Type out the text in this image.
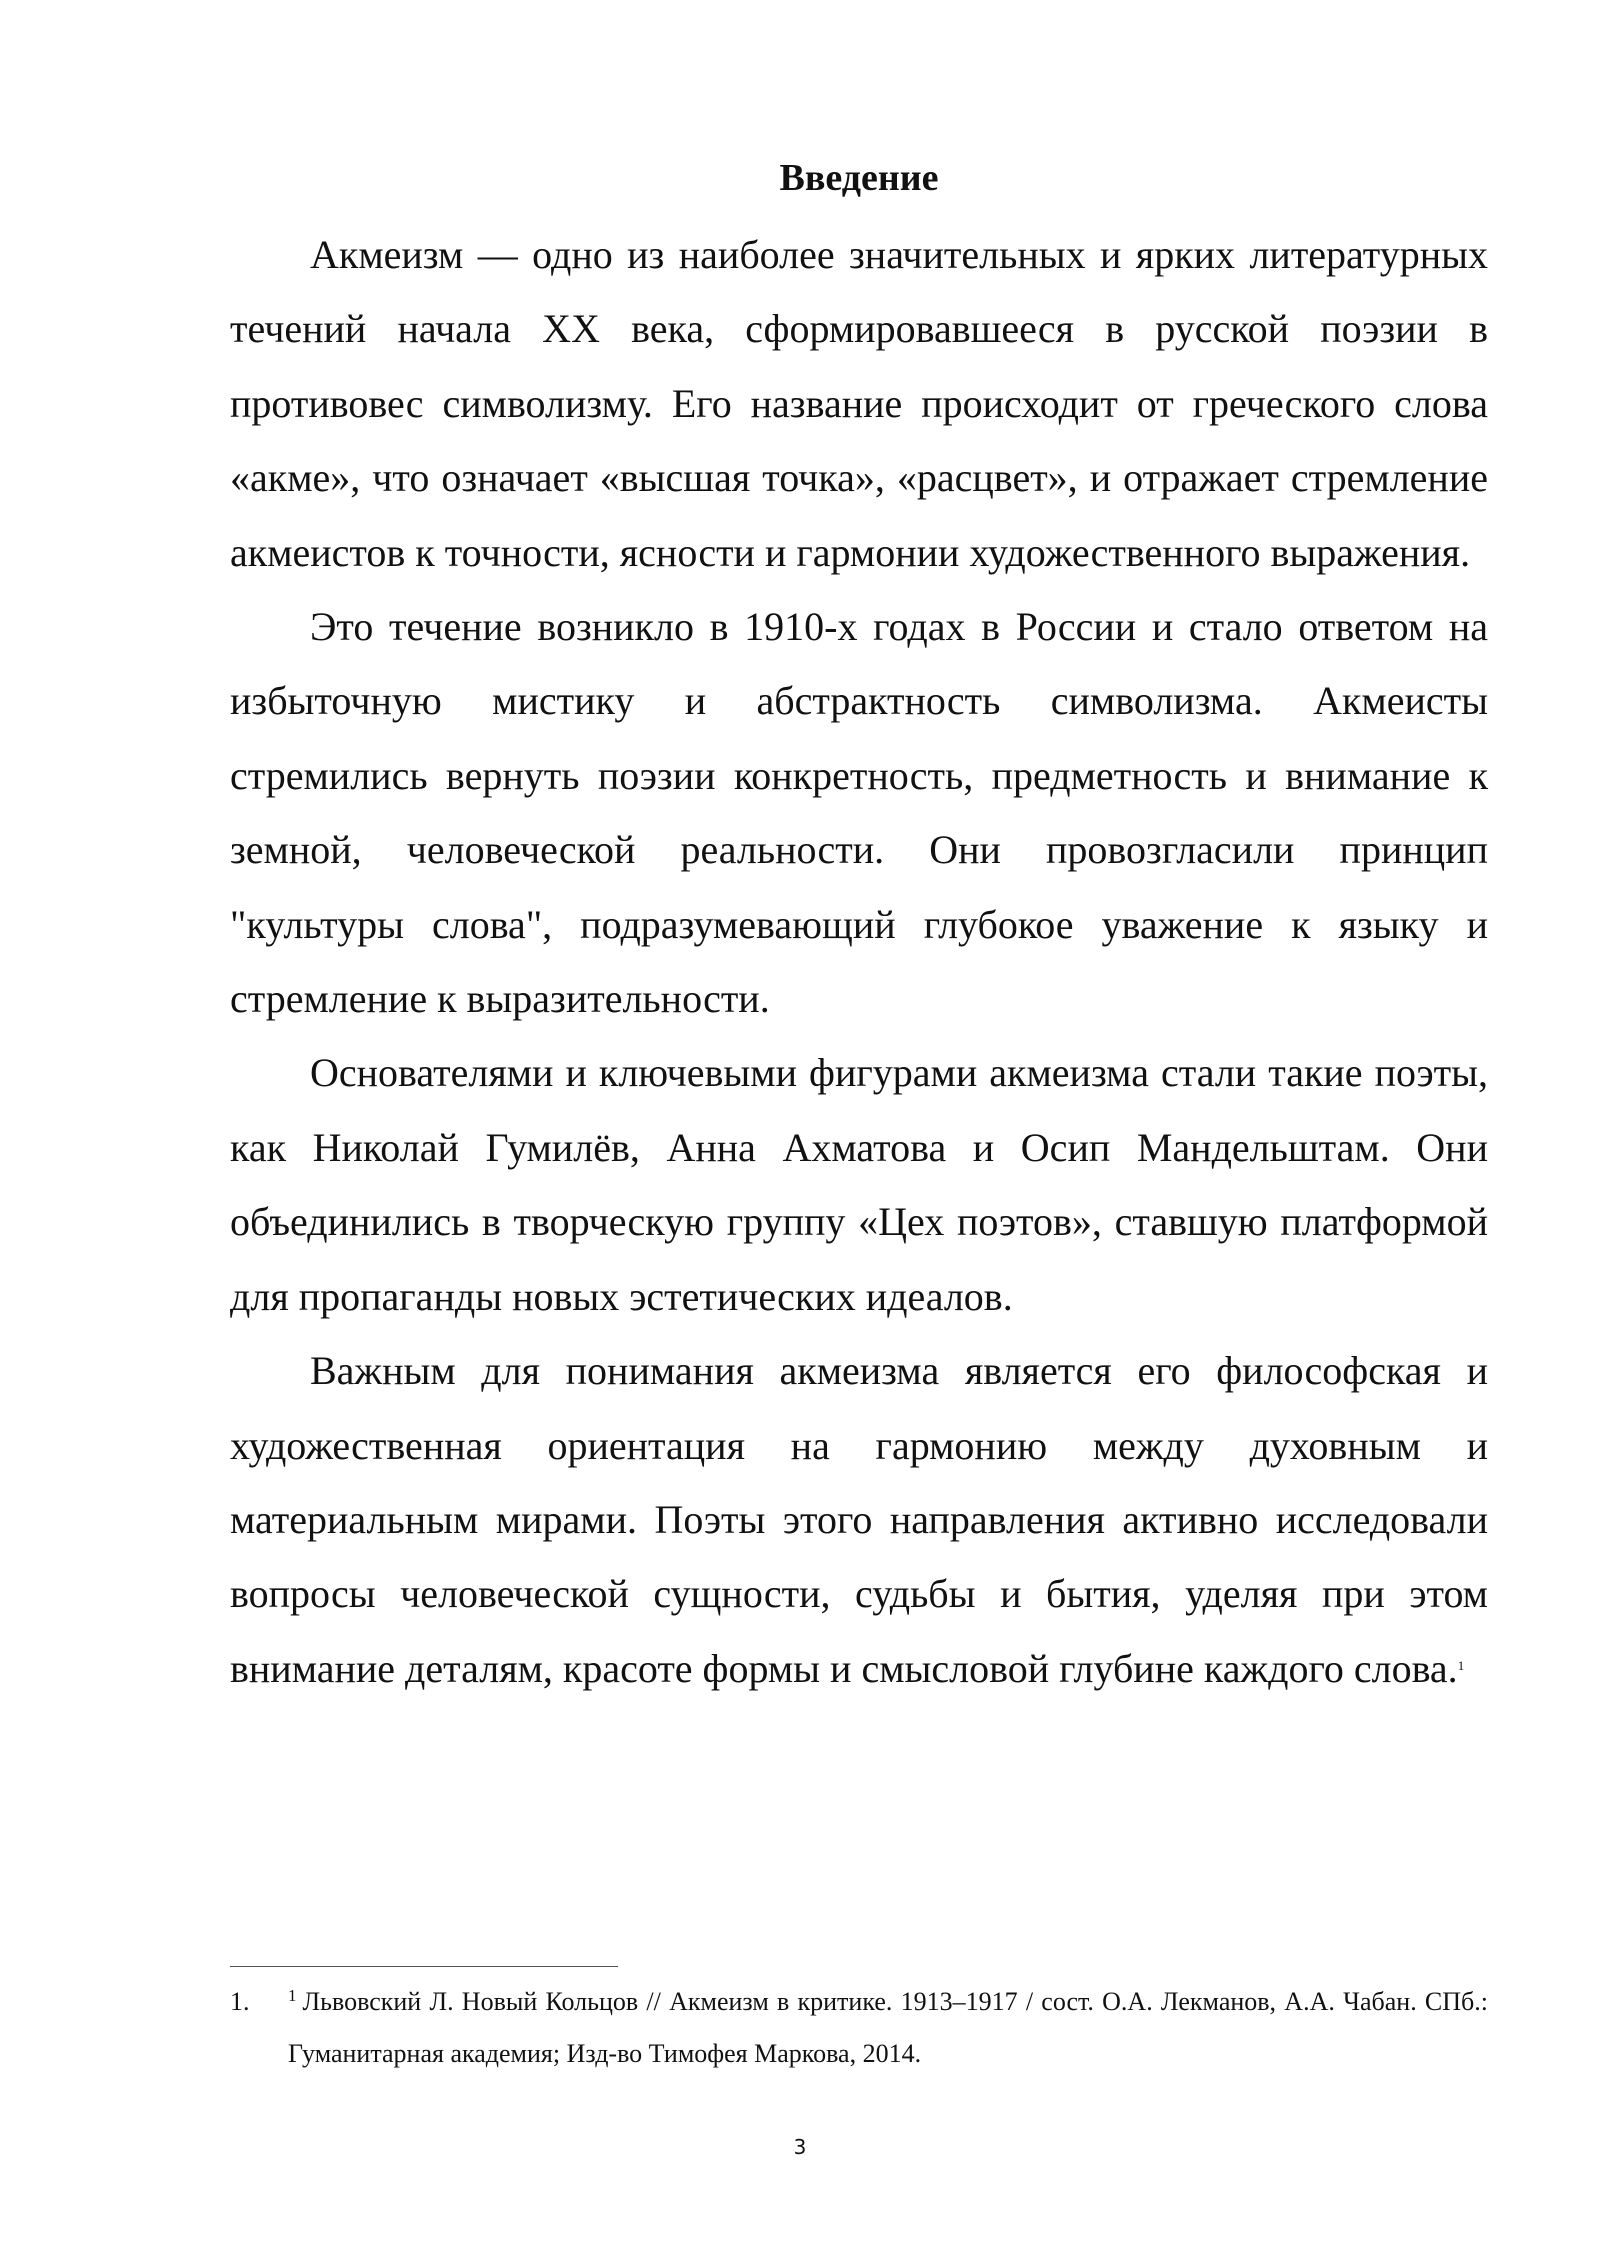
Введение

Акмеизм — одно из наиболее значительных и ярких литературных течений начала XX века, сформировавшееся в русской поэзии в противовес символизму. Его название происходит от греческого слова «акме», что означает «высшая точка», «расцвет», и отражает стремление акмеистов к точности, ясности и гармонии художественного выражения.

Это течение возникло в 1910-х годах в России и стало ответом на избыточную мистику и абстрактность символизма. Акмеисты стремились вернуть поэзии конкретность, предметность и внимание к земной, человеческой реальности. Они провозгласили принцип "культуры слова", подразумевающий глубокое уважение к языку и стремление к выразительности.

Основателями и ключевыми фигурами акмеизма стали такие поэты, как Николай Гумилёв, Анна Ахматова и Осип Мандельштам. Они объединились в творческую группу «Цех поэтов», ставшую платформой для пропаганды новых эстетических идеалов.

Важным для понимания акмеизма является его философская и художественная ориентация на гармонию между духовным и материальным мирами. Поэты этого направления активно исследовали вопросы человеческой сущности, судьбы и бытия, уделяя при этом внимание деталям, красоте формы и смысловой глубине каждого слова.$^1$

1. $^1$ Львовский Л. Новый Кольцов // Акмеизм в критике. 1913–1917 / сост. О.А. Лекманов, А.А. Чабан. СПб.: Гуманитарная академия; Изд-во Тимофея Маркова, 2014.
3
